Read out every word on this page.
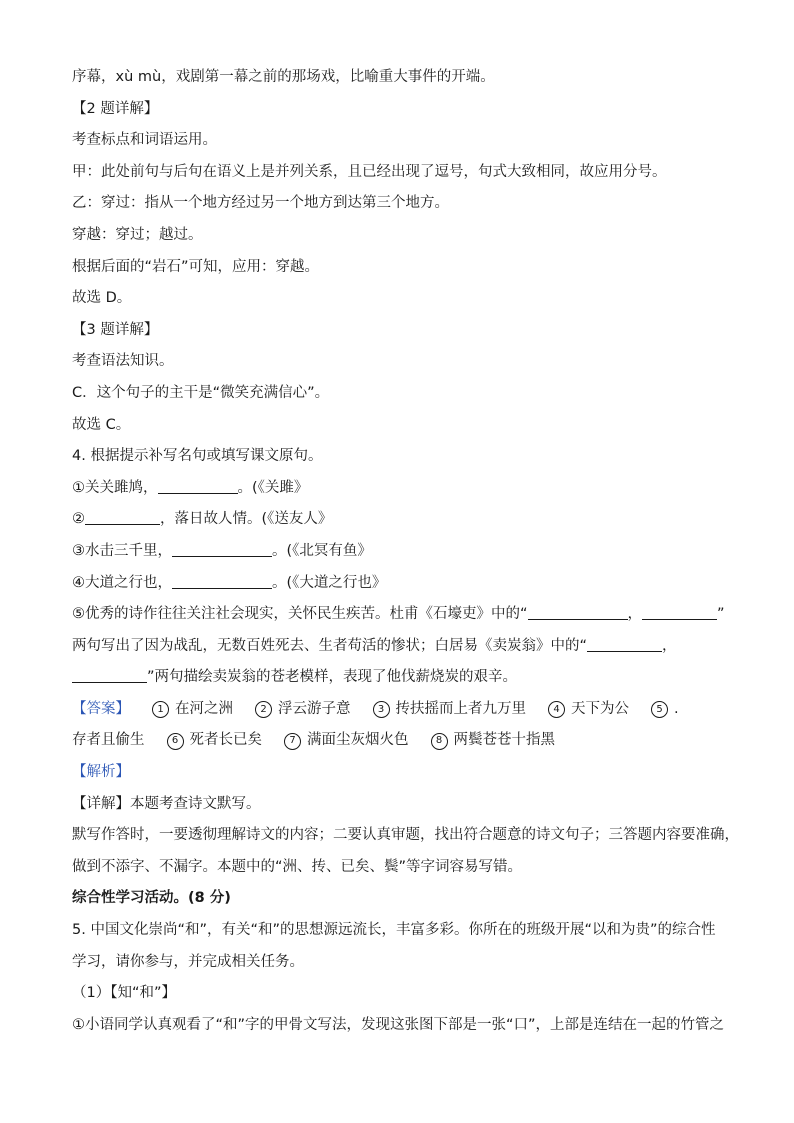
序幕，xù mù，戏剧第一幕之前的那场戏，比喻重大事件的开端。
【2 题详解】
考查标点和词语运用。
甲：此处前句与后句在语义上是并列关系，且已经出现了逗号，句式大致相同，故应用分号。
乙：穿过：指从一个地方经过另一个地方到达第三个地方。
穿越：穿过；越过。
根据后面的“岩石”可知，应用：穿越。
故选 D。
【3 题详解】
考查语法知识。
C．这个句子的主干是“微笑充满信心”。
故选 C。
4. 根据提示补写名句或填写课文原句。
①关关雎鸠，	。(《关雎》
②	，落日故人情。(《送友人》
③水击三千里，	。(《北冥有鱼》
④大道之行也，	。(《大道之行也》
⑤优秀的诗作往往关注社会现实，关怀民生疾苦。杜甫《石壕吏》中的“	，	”
两句写出了因为战乱，无数百姓死去、生者苟活的惨状；白居易《卖炭翁》中的“	，
”两句描绘卖炭翁的苍老模样，表现了他伐薪烧炭的艰辛。
【答案】	1 在河之洲	2 浮云游子意	3 抟扶摇而上者九万里	4 天下为公	5 .
存者且偷生	6 死者长已矣	7 满面尘灰烟火色	8 两鬓苍苍十指黑
【解析】
【详解】本题考查诗文默写。
默写作答时，一要透彻理解诗文的内容；二要认真审题，找出符合题意的诗文句子；三答题内容要准确，
做到不添字、不漏字。本题中的“洲、抟、已矣、鬓”等字词容易写错。
综合性学习活动。(8 分)
5. 中国文化崇尚“和”，有关“和”的思想源远流长，丰富多彩。你所在的班级开展“以和为贵”的综合性
学习，请你参与，并完成相关任务。
（1）【知“和”】
①小语同学认真观看了“和”字的甲骨文写法，发现这张图下部是一张“口”，上部是连结在一起的竹管之
